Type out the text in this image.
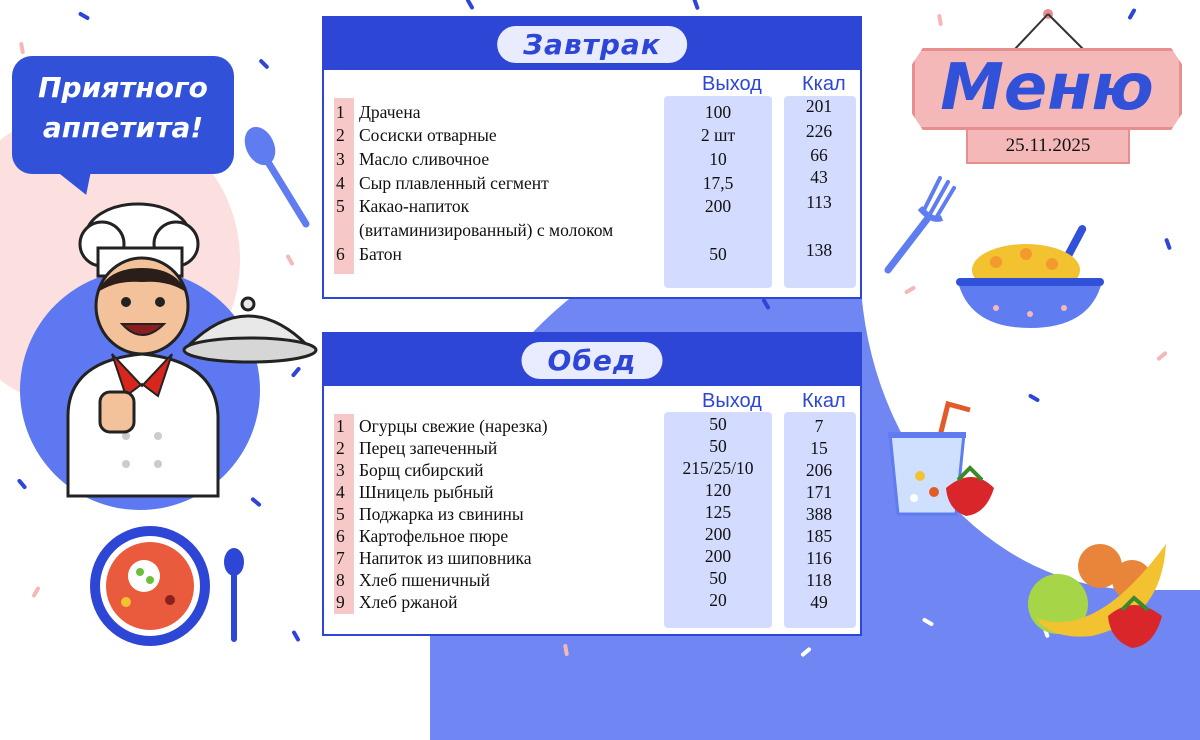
Приятного
аппетита!
Завтрак
Выход Ккал
1 Драчена	100	201
2 Сосиски отварные	2 шт	226
3 Масло сливочное	10	66
4 Сыр плавленный сегмент	17,5	43
5 Какао-напиток	200	113
(витаминизированный) с молоком
6 Батон	50	138
Обед
Выход Ккал
1 Огурцы свежие (нарезка)	50	7
2 Перец запеченный	50	15
3 Борщ сибирский	215/25/10	206
4 Шницель рыбный	120	171
5 Поджарка из свинины	125	388
6 Картофельное пюре	200	185
7 Напиток из шиповника	200	116
8 Хлеб пшеничный	50	118
9 Хлеб ржаной	20	49
Меню
25.11.2025
